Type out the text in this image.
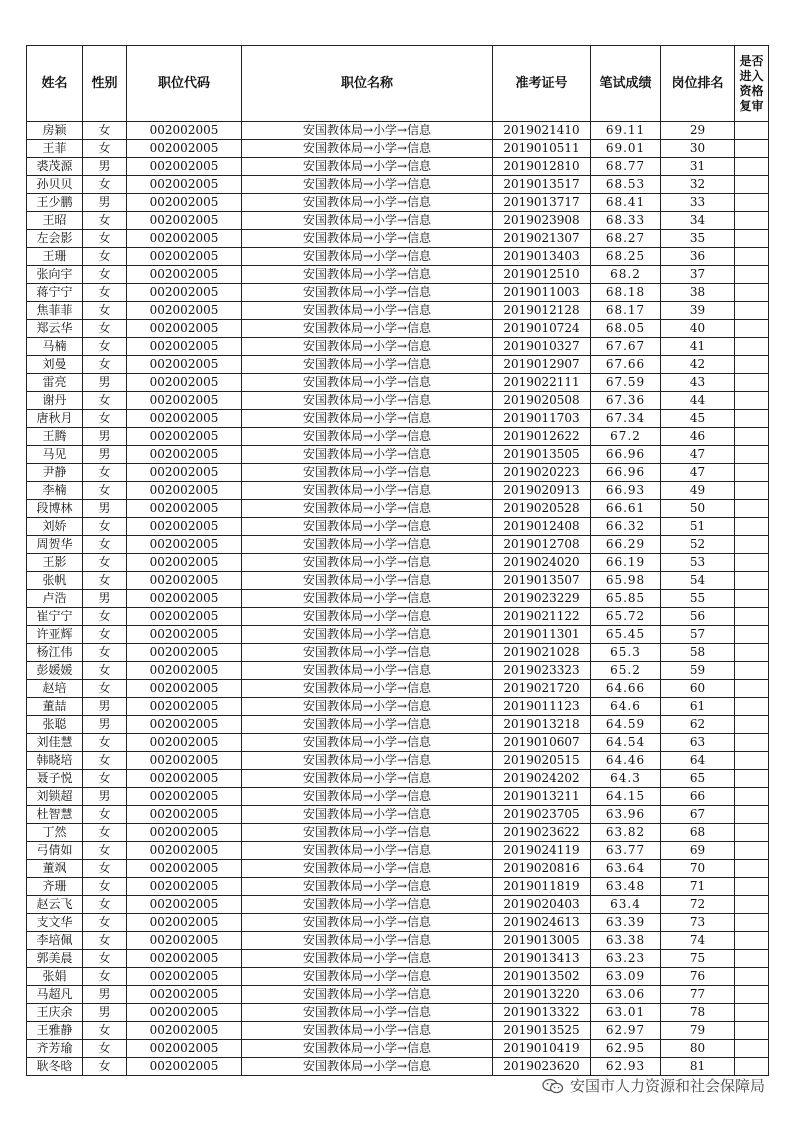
姓名	性别	职位代码	职位名称	准考证号	笔试成绩	岗位排名	是否进入资格复审
房颖	女	002002005	安国教体局→小学→信息	2019021410	69.11	29	
王菲	女	002002005	安国教体局→小学→信息	2019010511	69.01	30	
裘茂源	男	002002005	安国教体局→小学→信息	2019012810	68.77	31	
孙贝贝	女	002002005	安国教体局→小学→信息	2019013517	68.53	32	
王少鹏	男	002002005	安国教体局→小学→信息	2019013717	68.41	33	
王昭	女	002002005	安国教体局→小学→信息	2019023908	68.33	34	
左会影	女	002002005	安国教体局→小学→信息	2019021307	68.27	35	
王珊	女	002002005	安国教体局→小学→信息	2019013403	68.25	36	
张向宇	女	002002005	安国教体局→小学→信息	2019012510	68.2	37	
蒋宁宁	女	002002005	安国教体局→小学→信息	2019011003	68.18	38	
焦菲菲	女	002002005	安国教体局→小学→信息	2019012128	68.17	39	
郑云华	女	002002005	安国教体局→小学→信息	2019010724	68.05	40	
马楠	女	002002005	安国教体局→小学→信息	2019010327	67.67	41	
刘曼	女	002002005	安国教体局→小学→信息	2019012907	67.66	42	
雷亮	男	002002005	安国教体局→小学→信息	2019022111	67.59	43	
谢丹	女	002002005	安国教体局→小学→信息	2019020508	67.36	44	
唐秋月	女	002002005	安国教体局→小学→信息	2019011703	67.34	45	
王腾	男	002002005	安国教体局→小学→信息	2019012622	67.2	46	
马见	男	002002005	安国教体局→小学→信息	2019013505	66.96	47	
尹静	女	002002005	安国教体局→小学→信息	2019020223	66.96	47	
李楠	女	002002005	安国教体局→小学→信息	2019020913	66.93	49	
段博林	男	002002005	安国教体局→小学→信息	2019020528	66.61	50	
刘娇	女	002002005	安国教体局→小学→信息	2019012408	66.32	51	
周贺华	女	002002005	安国教体局→小学→信息	2019012708	66.29	52	
王影	女	002002005	安国教体局→小学→信息	2019024020	66.19	53	
张帆	女	002002005	安国教体局→小学→信息	2019013507	65.98	54	
卢浩	男	002002005	安国教体局→小学→信息	2019023229	65.85	55	
崔宁宁	女	002002005	安国教体局→小学→信息	2019021122	65.72	56	
许亚辉	女	002002005	安国教体局→小学→信息	2019011301	65.45	57	
杨江伟	女	002002005	安国教体局→小学→信息	2019021028	65.3	58	
彭媛媛	女	002002005	安国教体局→小学→信息	2019023323	65.2	59	
赵培	女	002002005	安国教体局→小学→信息	2019021720	64.66	60	
董喆	男	002002005	安国教体局→小学→信息	2019011123	64.6	61	
张聪	男	002002005	安国教体局→小学→信息	2019013218	64.59	62	
刘佳慧	女	002002005	安国教体局→小学→信息	2019010607	64.54	63	
韩晓培	女	002002005	安国教体局→小学→信息	2019020515	64.46	64	
聂子悦	女	002002005	安国教体局→小学→信息	2019024202	64.3	65	
刘锁超	男	002002005	安国教体局→小学→信息	2019013211	64.15	66	
杜智慧	女	002002005	安国教体局→小学→信息	2019023705	63.96	67	
丁然	女	002002005	安国教体局→小学→信息	2019023622	63.82	68	
弓倩如	女	002002005	安国教体局→小学→信息	2019024119	63.77	69	
董飒	女	002002005	安国教体局→小学→信息	2019020816	63.64	70	
齐珊	女	002002005	安国教体局→小学→信息	2019011819	63.48	71	
赵云飞	女	002002005	安国教体局→小学→信息	2019020403	63.4	72	
支文华	女	002002005	安国教体局→小学→信息	2019024613	63.39	73	
李培佩	女	002002005	安国教体局→小学→信息	2019013005	63.38	74	
郭美晨	女	002002005	安国教体局→小学→信息	2019013413	63.23	75	
张娟	女	002002005	安国教体局→小学→信息	2019013502	63.09	76	
马超凡	男	002002005	安国教体局→小学→信息	2019013220	63.06	77	
王庆余	男	002002005	安国教体局→小学→信息	2019013322	63.01	78	
王雅静	女	002002005	安国教体局→小学→信息	2019013525	62.97	79	
齐芳瑜	女	002002005	安国教体局→小学→信息	2019010419	62.95	80	
耿冬晗	女	002002005	安国教体局→小学→信息	2019023620	62.93	81	
安国市人力资源和社会保障局
